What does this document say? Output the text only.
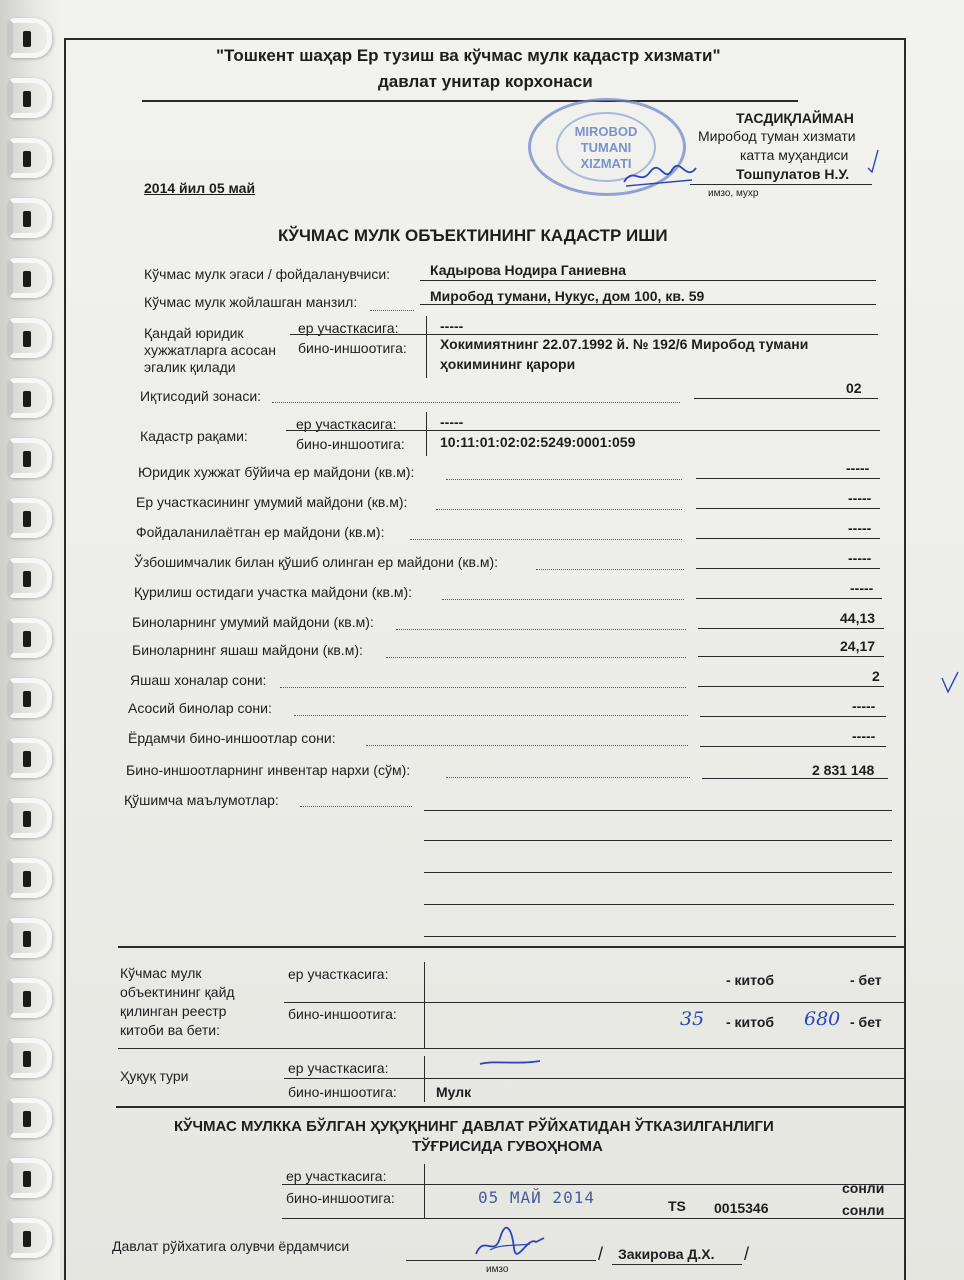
"Тошкент шаҳар Ер тузиш ва кўчмас мулк кадастр хизмати"
давлат унитар корхонаси
MIROBOD
TUMANI
XIZMATI
ТАСДИҚЛАЙМАН
Миробод туман хизмати
катта муҳандиси
Тошпулатов Н.У.
имзо, мухр
2014 йил 05 май
КЎЧМАС МУЛК ОБЪЕКТИНИНГ КАДАСТР ИШИ
Кўчмас мулк эгаси / фойдаланувчиси:	Кадырова Нодира Ганиевна
Кўчмас мулк жойлашган манзил:	Миробод тумани, Нукус, дом 100, кв. 59
Қандай юридик
хужжатларга асосан
эгалик қилади
ер участкасига:	-----
бино-иншоотига: Хокимиятнинг 22.07.1992 й. № 192/6 Миробод тумани
ҳокимининг қарори
Иқтисодий зонаси:	02
Кадастр рақами:
ер участкасига:	-----
бино-иншоотига:	10:11:01:02:02:5249:0001:059
Юридик хужжат бўйича ер майдони (кв.м):	-----
Ер участкасининг умумий майдони (кв.м):	-----
Фойдаланилаётган ер майдони (кв.м):	-----
Ўзбошимчалик билан қўшиб олинган ер майдони (кв.м):	-----
Қурилиш остидаги участка майдони (кв.м):	-----
Биноларнинг умумий майдони (кв.м):	44,13
Биноларнинг яшаш майдони (кв.м):	24,17
Яшаш хоналар сони:	2
Асосий бинолар сони:	-----
Ёрдамчи бино-иншоотлар сони:	-----
Бино-иншоотларнинг инвентар нархи (сўм):	2 831 148
Қўшимча маълумотлар:
Кўчмас мулк
объектининг қайд
қилинган реестр
китоби ва бети:
ер участкасига:	- китоб	- бет
бино-иншоотига:	35 - китоб 680 - бет
Ҳуқуқ тури	ер участкасига:
бино-иншоотига:	Мулк
КЎЧМАС МУЛККА БЎЛГАН ҲУҚУҚНИНГ ДАВЛАТ РЎЙХАТИДАН ЎТКАЗИЛГАНЛИГИ
ТЎҒРИСИДА ГУВОҲНОМА
ер участкасига:
сонли
бино-иншоотига:	05 МАЙ 2014	TS 0015346	сонли
Давлат рўйхатига олувчи ёрдамчиси	/ Закирова Д.Х. /
имзо
